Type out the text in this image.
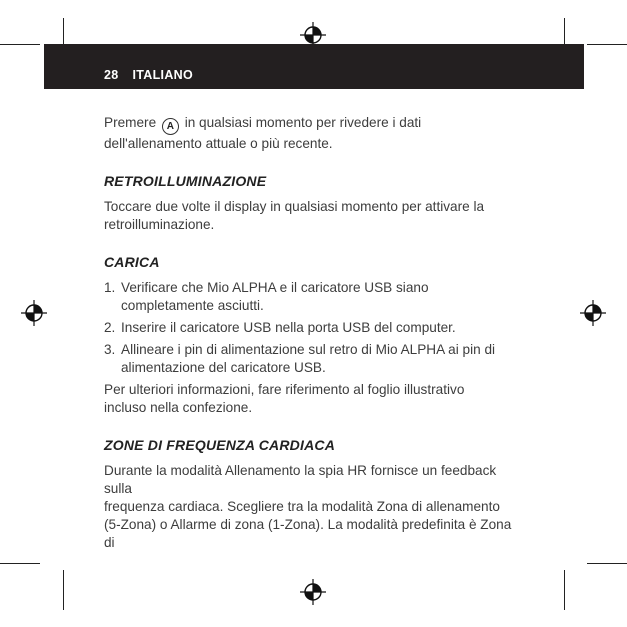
28 ITALIANO

Premere A in qualsiasi momento per rivedere i dati
dell'allenamento attuale o più recente.

RETROILLUMINAZIONE

Toccare due volte il display in qualsiasi momento per attivare la
retroilluminazione.

CARICA
1. Verificare che Mio ALPHA e il caricatore USB siano
completamente asciutti.
2. Inserire il caricatore USB nella porta USB del computer.
3. Allineare i pin di alimentazione sul retro di Mio ALPHA ai pin di
alimentazione del caricatore USB.

Per ulteriori informazioni, fare riferimento al foglio illustrativo
incluso nella confezione.

ZONE DI FREQUENZA CARDIACA

Durante la modalità Allenamento la spia HR fornisce un feedback sulla
frequenza cardiaca. Scegliere tra la modalità Zona di allenamento
(5-Zona) o Allarme di zona (1-Zona). La modalità predefinita è Zona di
